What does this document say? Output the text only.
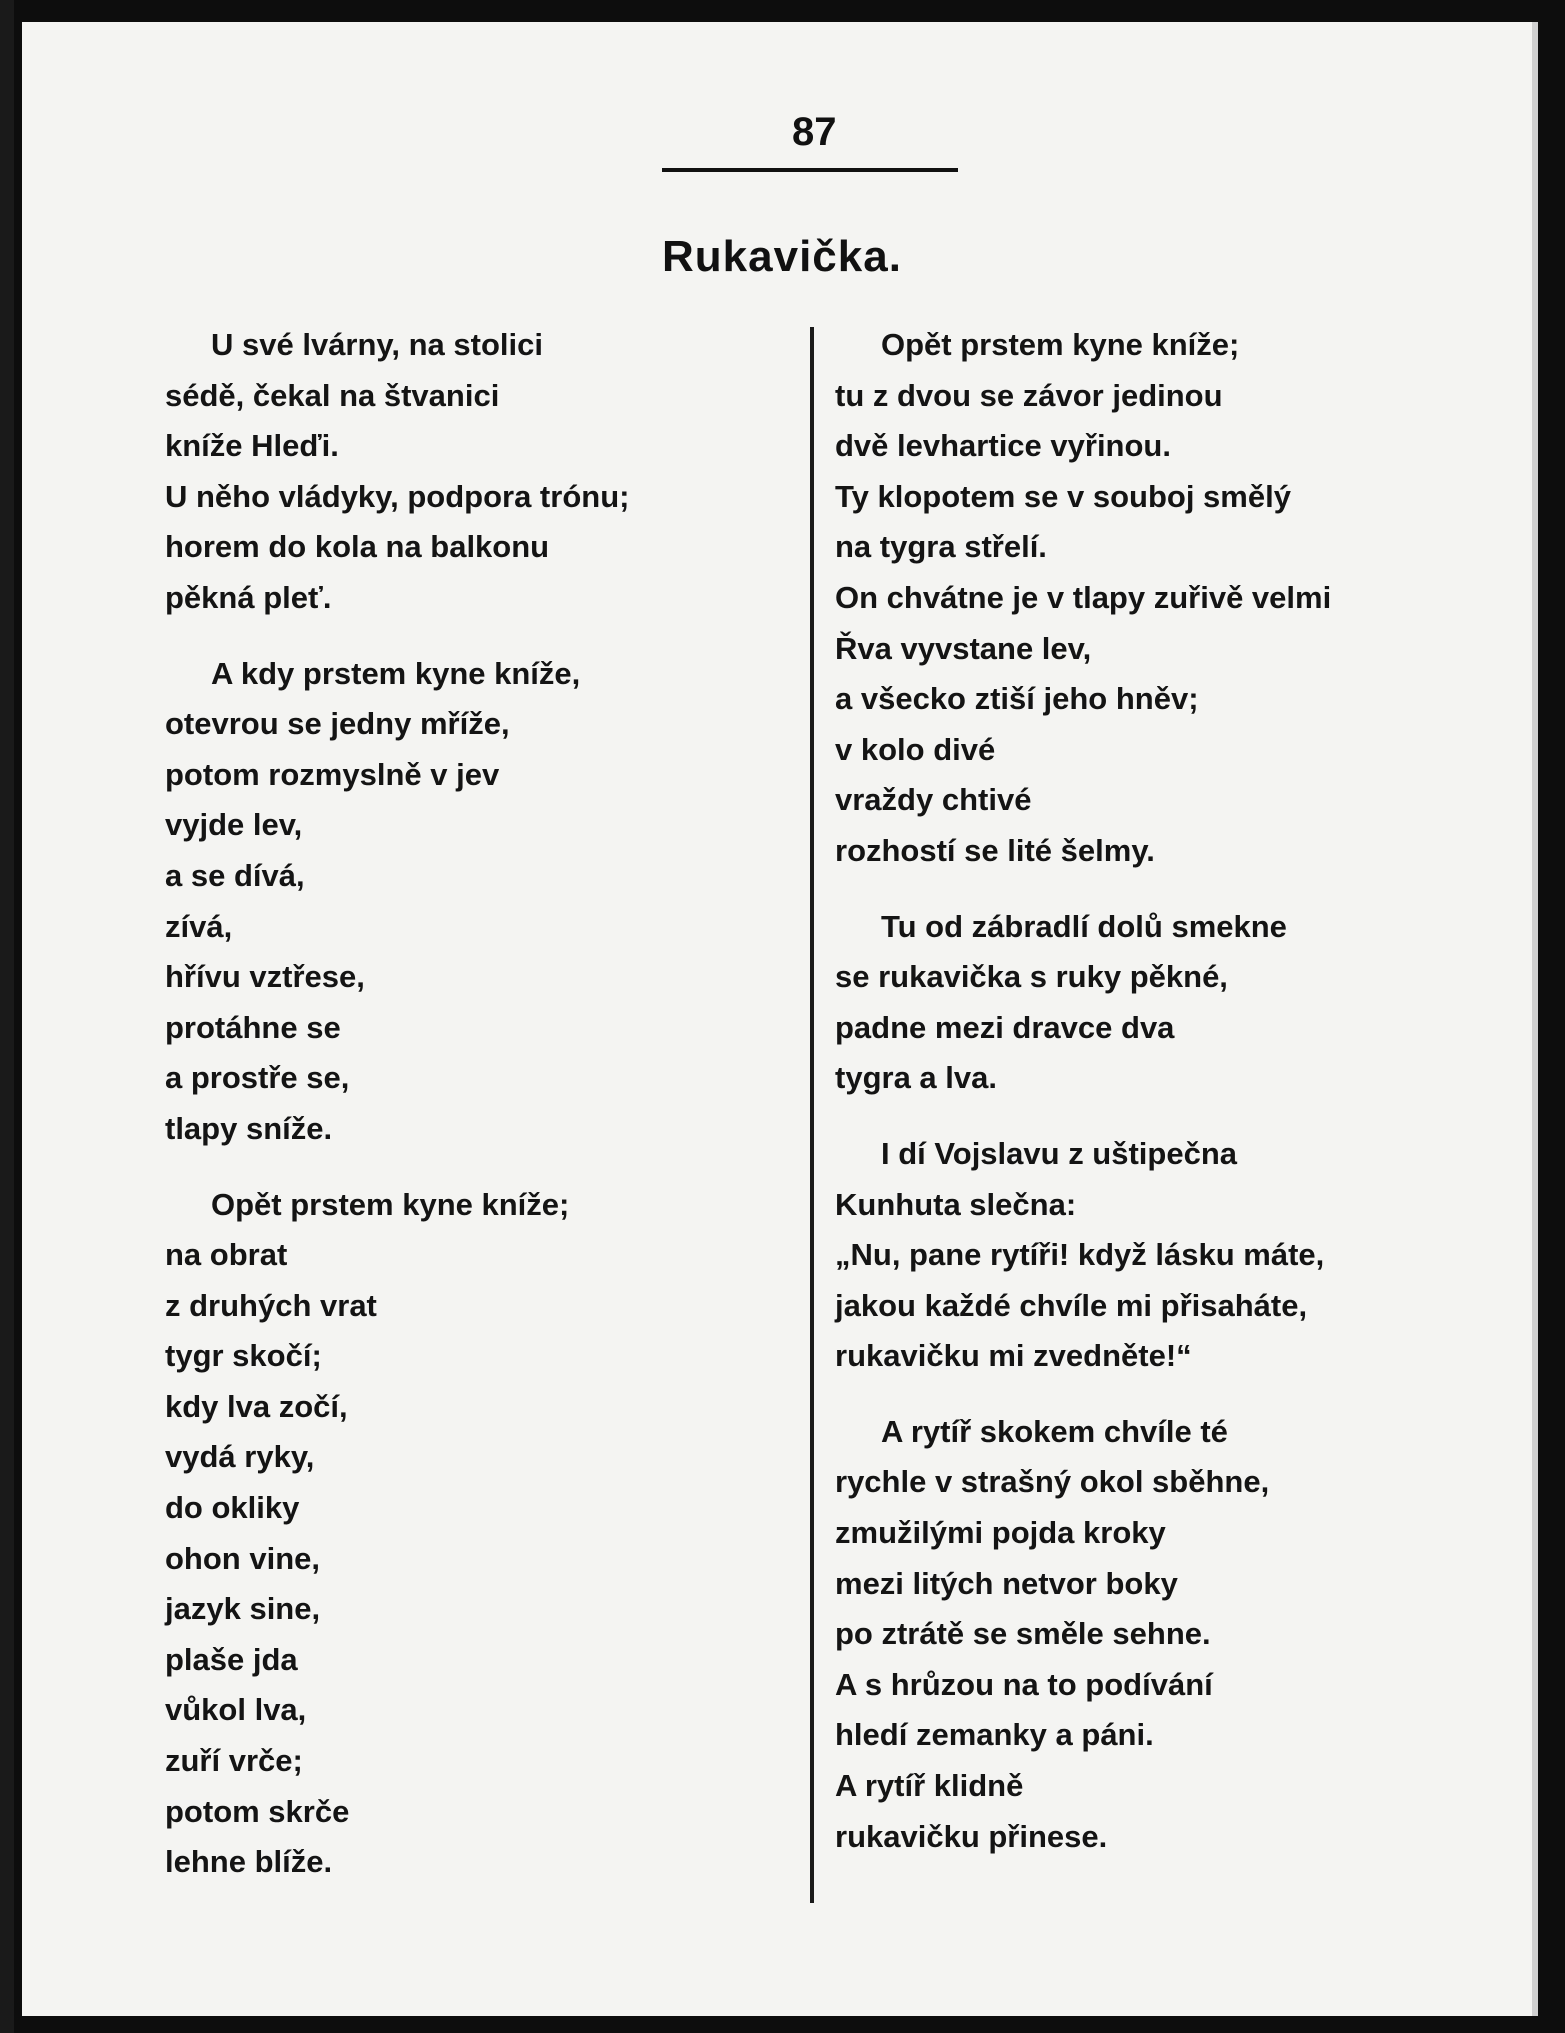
87
Rukavička.
U své lvárny, na stolici
sédě, čekal na štvanici
kníže Hleďi.
U něho vládyky, podpora trónu;
horem do kola na balkonu
pěkná pleť.
A kdy prstem kyne kníže,
otevrou se jedny mříže,
potom rozmyslně v jev
vyjde lev,
a se dívá,
zívá,
hřívu vztřese,
protáhne se
a prostře se,
tlapy sníže.
Opět prstem kyne kníže;
na obrat
z druhých vrat
tygr skočí;
kdy lva zočí,
vydá ryky,
do okliky
ohon vine,
jazyk sine,
plaše jda
vůkol lva,
zuří vrče;
potom skrče
lehne blíže.
Opět prstem kyne kníže;
tu z dvou se závor jedinou
dvě levhartice vyřinou.
Ty klopotem se v souboj smělý
na tygra střelí.
On chvátne je v tlapy zuřivě velmi
Řva vyvstane lev,
a všecko ztiší jeho hněv;
v kolo divé
vraždy chtivé
rozhostí se lité šelmy.
Tu od zábradlí dolů smekne
se rukavička s ruky pěkné,
padne mezi dravce dva
tygra a lva.
I dí Vojslavu z uštipečna
Kunhuta slečna:
„Nu, pane rytíři! když lásku máte,
jakou každé chvíle mi přisaháte,
rukavičku mi zvedněte!“
A rytíř skokem chvíle té
rychle v strašný okol sběhne,
zmužilými pojda kroky
mezi litých netvor boky
po ztrátě se směle sehne.
A s hrůzou na to podívání
hledí zemanky a páni.
A rytíř klidně
rukavičku přinese.
